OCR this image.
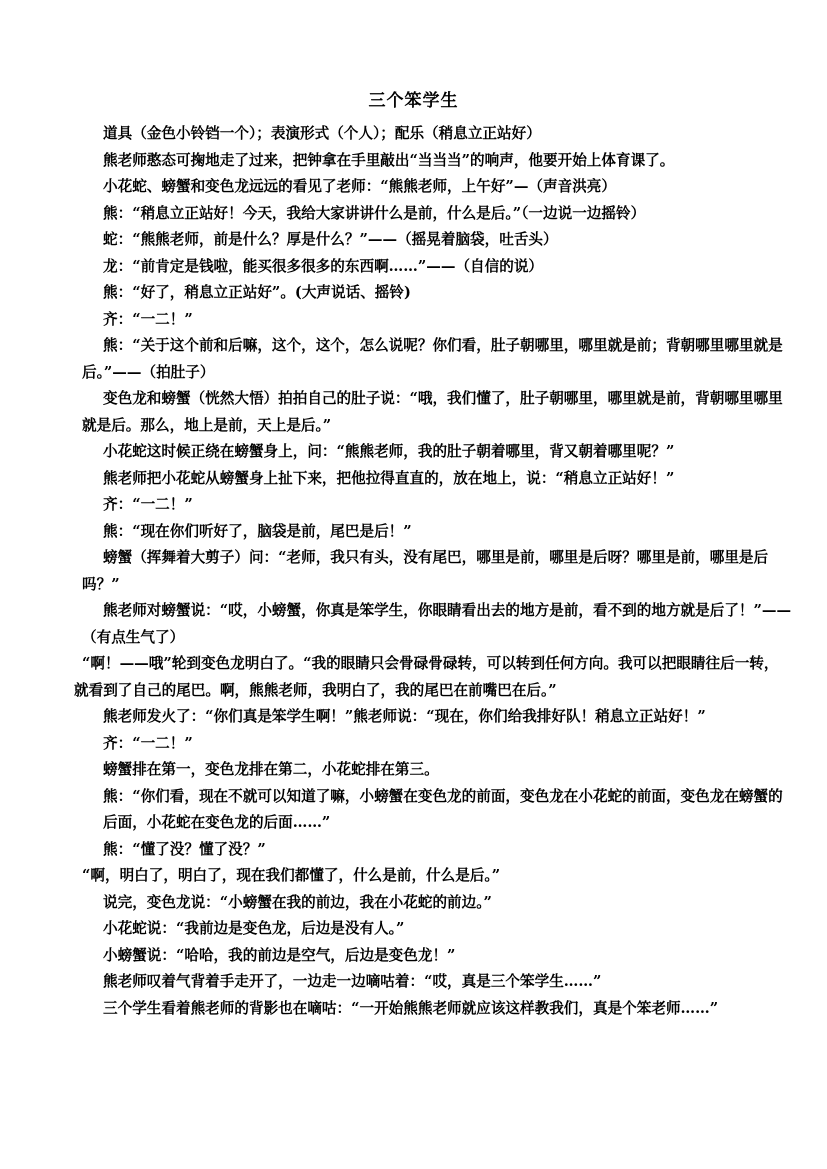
三个笨学生

道具（金色小铃铛一个）；表演形式（个人）；配乐（稍息立正站好）

熊老师憨态可掬地走了过来，把钟拿在手里敲出“当当当”的响声，他要开始上体育课了。

小花蛇、螃蟹和变色龙远远的看见了老师：“熊熊老师，上午好”—（声音洪亮）

熊：“稍息立正站好！今天，我给大家讲讲什么是前，什么是后。”（一边说一边摇铃）

蛇：“熊熊老师，前是什么？厚是什么？”——（摇晃着脑袋，吐舌头）

龙：“前肯定是钱啦，能买很多很多的东西啊……”——（自信的说）

熊：“好了，稍息立正站好”。(大声说话、摇铃)

齐：“一二！”

熊：“关于这个前和后嘛，这个，这个，怎么说呢？你们看，肚子朝哪里，哪里就是前；背朝哪里哪里就是后。”——（拍肚子）

变色龙和螃蟹（恍然大悟）拍拍自己的肚子说：“哦，我们懂了，肚子朝哪里，哪里就是前，背朝哪里哪里就是后。那么，地上是前，天上是后。”

小花蛇这时候正绕在螃蟹身上，问：“熊熊老师，我的肚子朝着哪里，背又朝着哪里呢？”

熊老师把小花蛇从螃蟹身上扯下来，把他拉得直直的，放在地上，说：“稍息立正站好！”

齐：“一二！”

熊：“现在你们听好了，脑袋是前，尾巴是后！”

螃蟹（挥舞着大剪子）问：“老师，我只有头，没有尾巴，哪里是前，哪里是后呀？哪里是前，哪里是后吗？”

熊老师对螃蟹说：“哎，小螃蟹，你真是笨学生，你眼睛看出去的地方是前，看不到的地方就是后了！”——（有点生气了）

“啊！——哦”轮到变色龙明白了。“我的眼睛只会骨碌骨碌转，可以转到任何方向。我可以把眼睛往后一转，就看到了自己的尾巴。啊，熊熊老师，我明白了，我的尾巴在前嘴巴在后。”

熊老师发火了：“你们真是笨学生啊！”熊老师说：“现在，你们给我排好队！稍息立正站好！”

齐：“一二！”

螃蟹排在第一，变色龙排在第二，小花蛇排在第三。

熊：“你们看，现在不就可以知道了嘛，小螃蟹在变色龙的前面，变色龙在小花蛇的前面，变色龙在螃蟹的后面，小花蛇在变色龙的后面……”

熊：“懂了没？懂了没？”

“啊，明白了，明白了，现在我们都懂了，什么是前，什么是后。”

说完，变色龙说：“小螃蟹在我的前边，我在小花蛇的前边。”

小花蛇说：“我前边是变色龙，后边是没有人。”

小螃蟹说：“哈哈，我的前边是空气，后边是变色龙！”

熊老师叹着气背着手走开了，一边走一边嘀咕着：“哎，真是三个笨学生……”

三个学生看着熊老师的背影也在嘀咕：“一开始熊熊老师就应该这样教我们，真是个笨老师……”
